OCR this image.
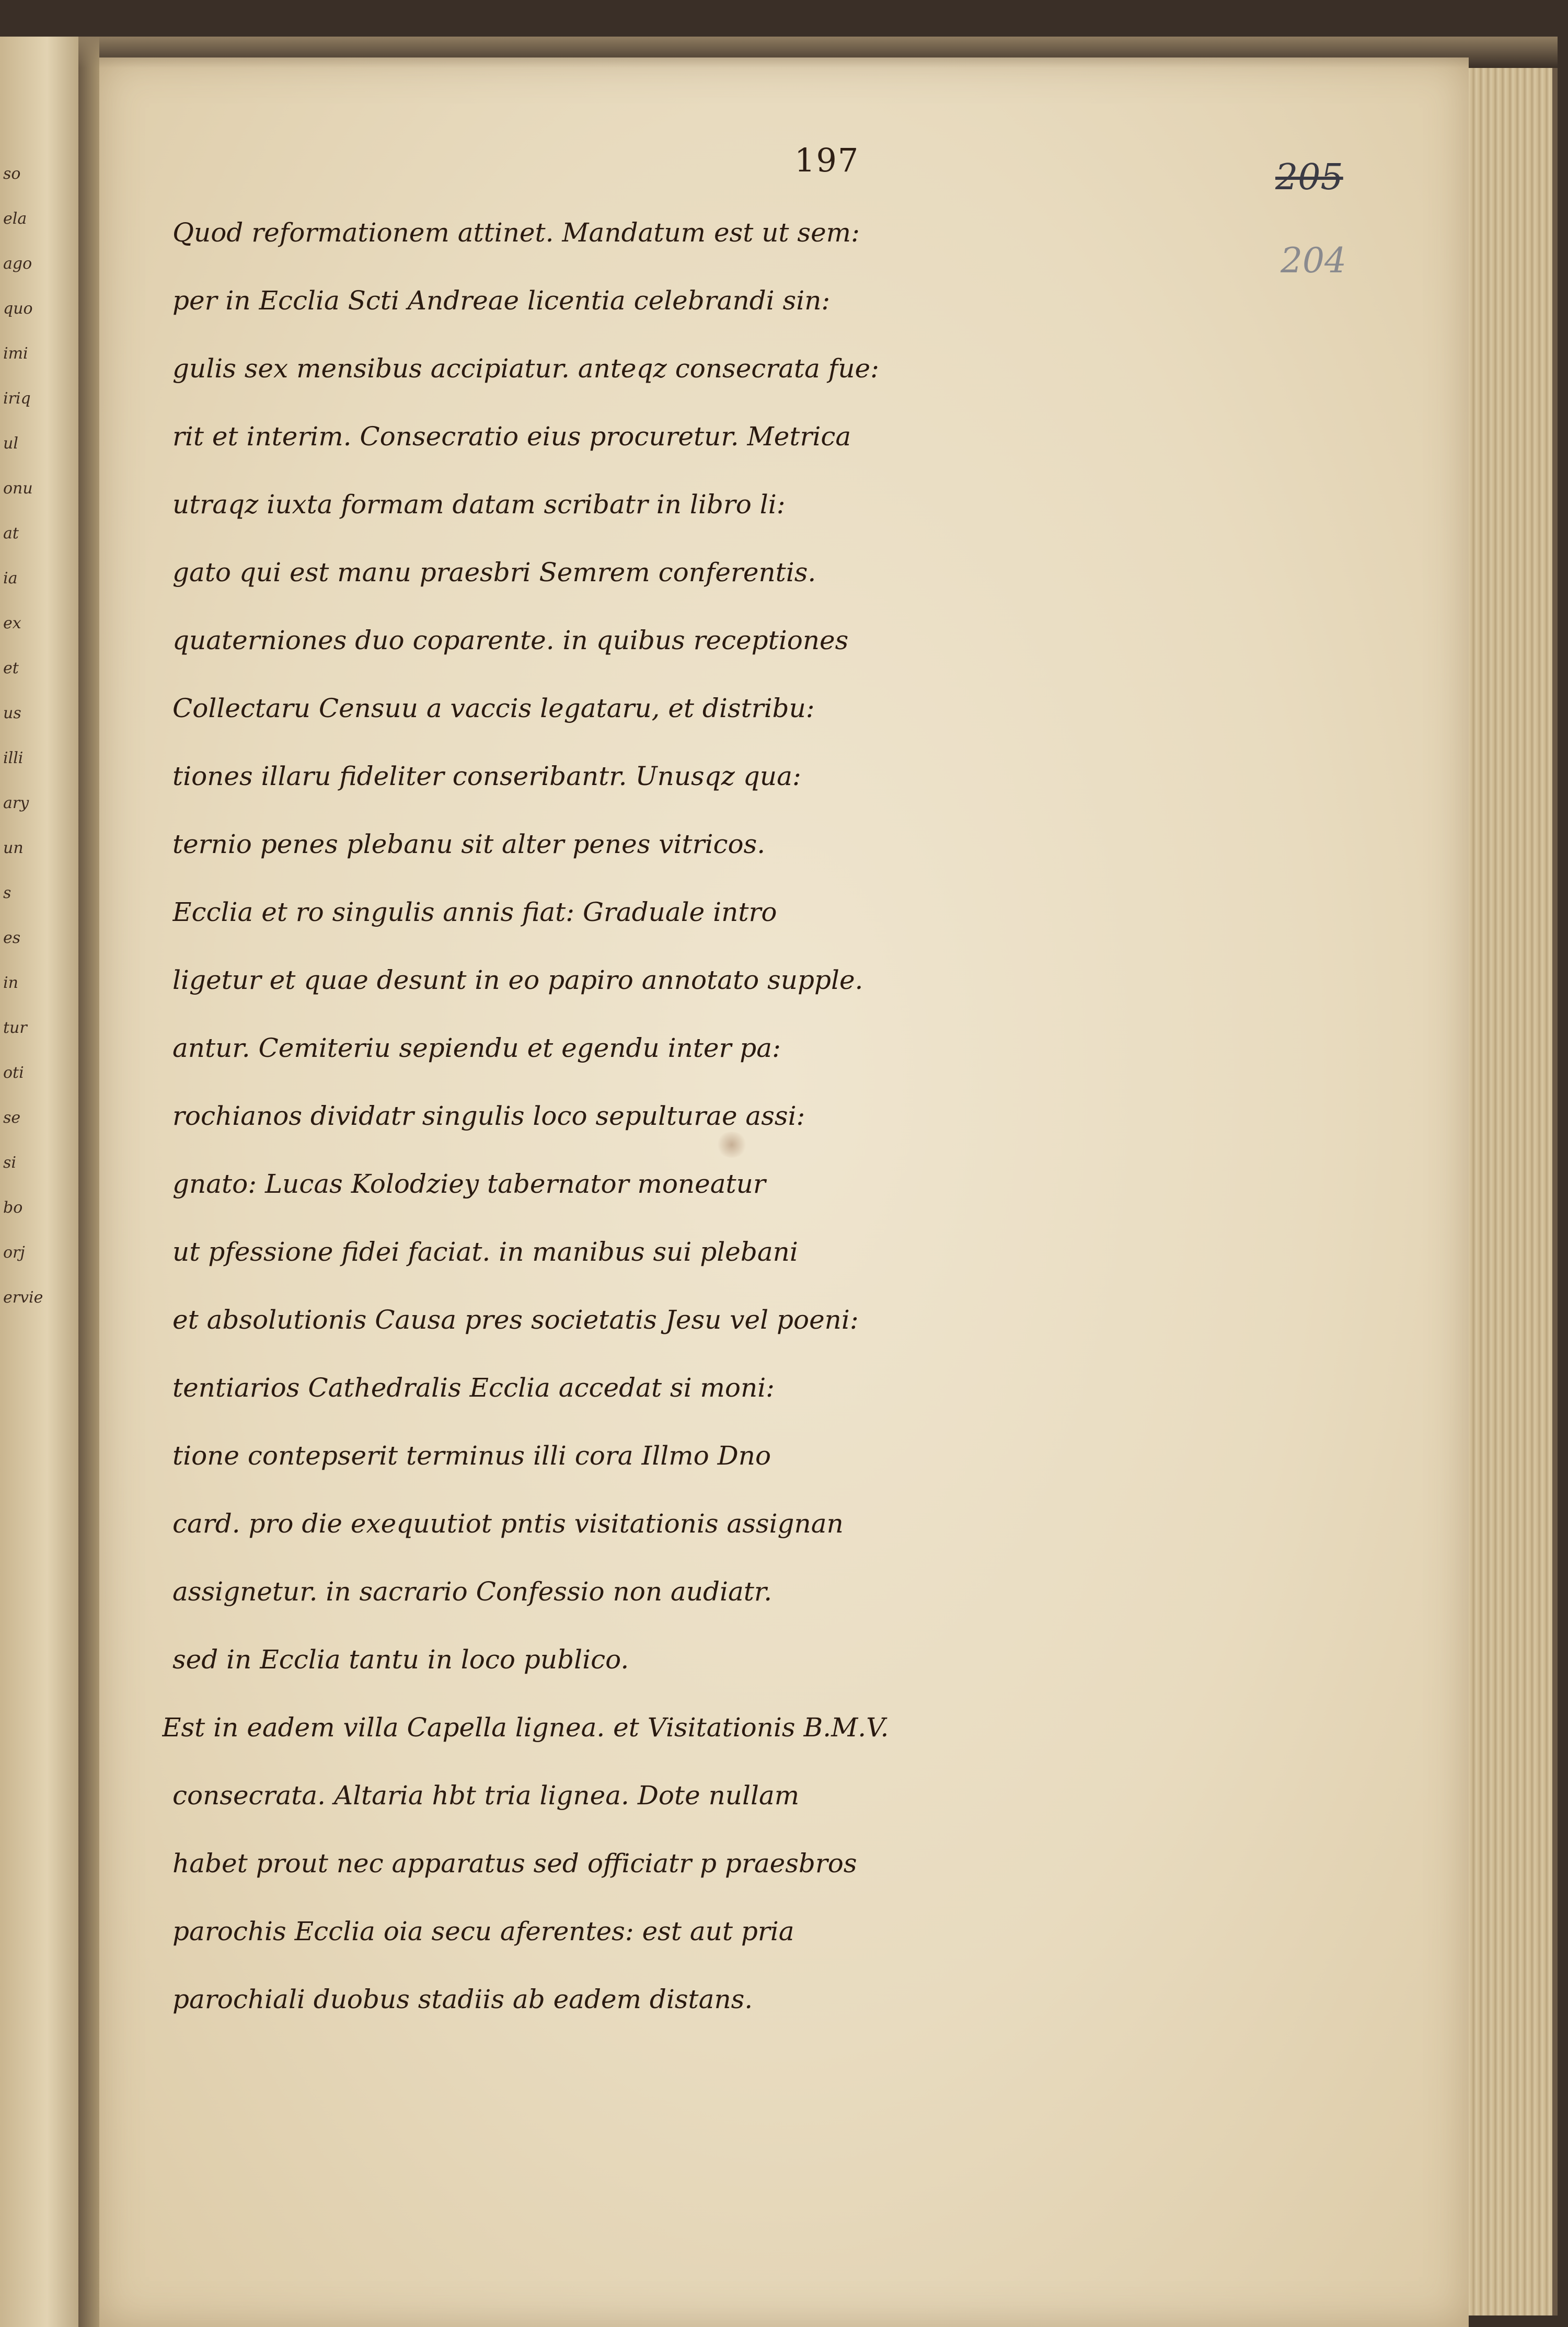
so
ela
ago
quo
imi
iriq
ul
onu
at
ia
ex
et
us
illi
ary
un
s
es
in
tur
oti
se
si
bo
orj
ervie
197	205
204
Quod reformationem attinet. Mandatum est ut sem:
per in Ecclia Scti Andreae licentia celebrandi sin:
gulis sex mensibus accipiatur. anteqz consecrata fue:
rit et interim. Consecratio eius procuretur. Metrica
utraqz iuxta formam datam scribatr in libro li:
gato qui est manu praesbri Semrem conferentis.
quaterniones duo coparente. in quibus receptiones
Collectaru Censuu a vaccis legataru, et distribu:
tiones illaru fideliter conseribantr. Unusqz qua:
ternio penes plebanu sit alter penes vitricos.
Ecclia et ro singulis annis fiat: Graduale intro
ligetur et quae desunt in eo papiro annotato supple.
antur. Cemiteriu sepiendu et egendu inter pa:
rochianos dividatr singulis loco sepulturae assi:
gnato: Lucas Kolodziey tabernator moneatur
ut pfessione fidei faciat. in manibus sui plebani
et absolutionis Causa pres societatis Jesu vel poeni:
tentiarios Cathedralis Ecclia accedat si moni:
tione contepserit terminus illi cora Illmo Dno
card. pro die exequutiot pntis visitationis assignan
assignetur. in sacrario Confessio non audiatr.
sed in Ecclia tantu in loco publico.
Est in eadem villa Capella lignea. et Visitationis B.M.V.
consecrata. Altaria hbt tria lignea. Dote nullam
habet prout nec apparatus sed officiatr p praesbros
parochis Ecclia oia secu aferentes: est aut pria
parochiali duobus stadiis ab eadem distans.
